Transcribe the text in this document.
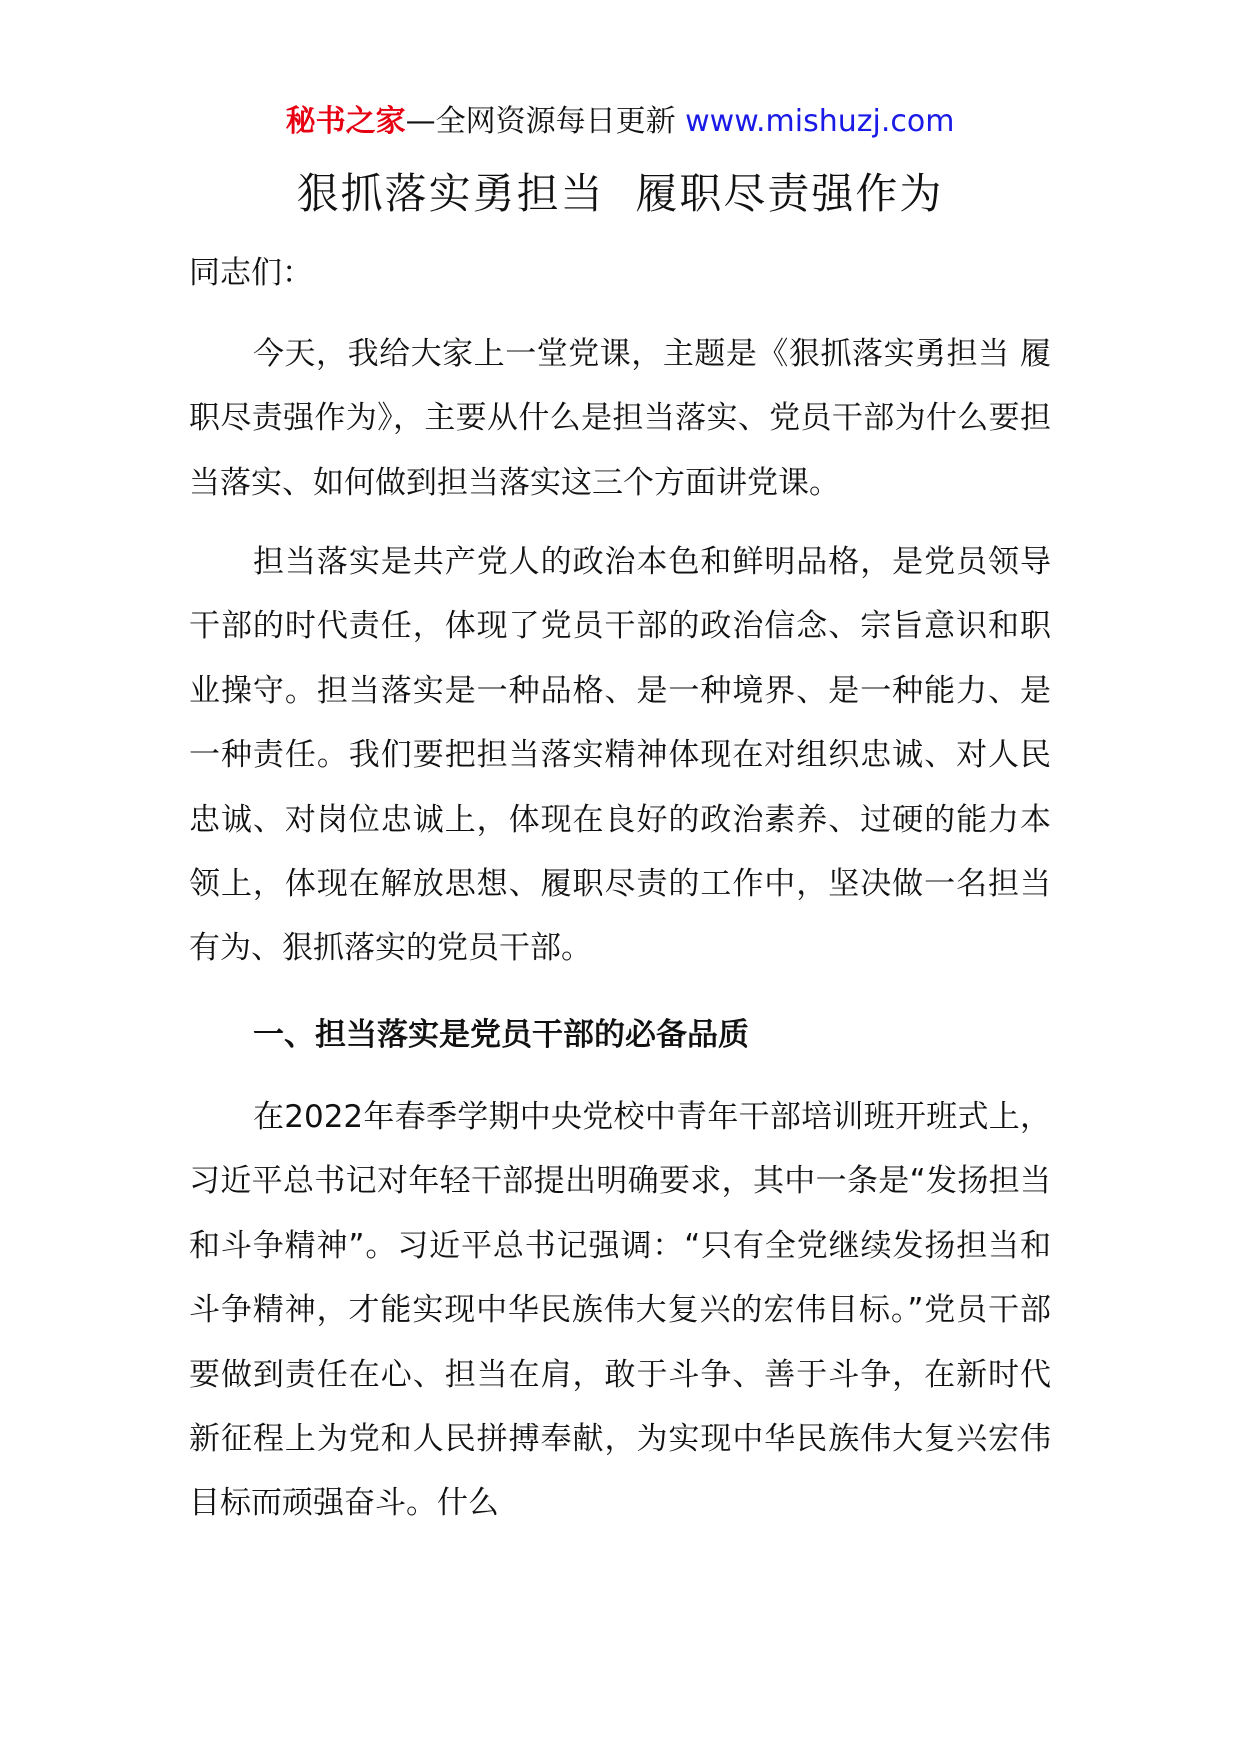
秘书之家—全网资源每日更新 www.mishuzj.com
狠抓落实勇担当  履职尽责强作为
同志们：
今天，我给大家上一堂党课，主题是《狠抓落实勇担当 履职尽责强作为》，主要从什么是担当落实、党员干部为什么要担当落实、如何做到担当落实这三个方面讲党课。
担当落实是共产党人的政治本色和鲜明品格，是党员领导干部的时代责任，体现了党员干部的政治信念、宗旨意识和职业操守。担当落实是一种品格、是一种境界、是一种能力、是一种责任。我们要把担当落实精神体现在对组织忠诚、对人民忠诚、对岗位忠诚上，体现在良好的政治素养、过硬的能力本领上，体现在解放思想、履职尽责的工作中，坚决做一名担当有为、狠抓落实的党员干部。
一、担当落实是党员干部的必备品质
在2022年春季学期中央党校中青年干部培训班开班式上，习近平总书记对年轻干部提出明确要求，其中一条是“发扬担当和斗争精神”。习近平总书记强调：“只有全党继续发扬担当和斗争精神，才能实现中华民族伟大复兴的宏伟目标。”党员干部要做到责任在心、担当在肩，敢于斗争、善于斗争，在新时代新征程上为党和人民拼搏奉献，为实现中华民族伟大复兴宏伟目标而顽强奋斗。什么
